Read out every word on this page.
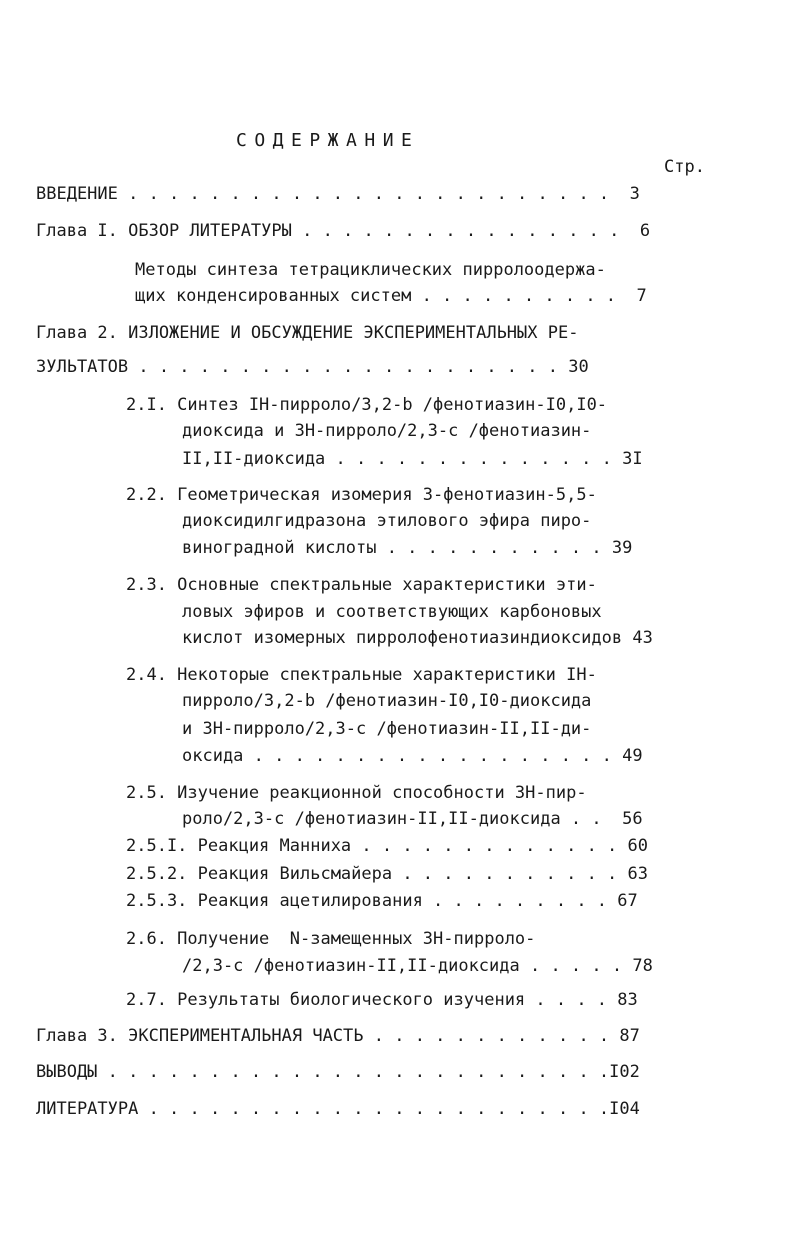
СОДЕРЖАНИЕ
Стр.
ВВЕДЕНИЕ . . . . . . . . . . . . . . . . . . . . . . . .  3
Глава I. ОБЗОР ЛИТЕРАТУРЫ . . . . . . . . . . . . . . . .  6
Методы синтеза тетрациклических пирролоодержа-
щих конденсированных систем . . . . . . . . . .  7
Глава 2. ИЗЛОЖЕНИЕ И ОБСУЖДЕНИЕ ЭКСПЕРИМЕНТАЛЬНЫХ РЕ-
ЗУЛЬТАТОВ . . . . . . . . . . . . . . . . . . . . . 30
2.I. Синтез IН-пирроло/3,2-b /фенотиазин-I0,I0-
диоксида и 3Н-пирроло/2,3-с /фенотиазин-
II,II-диоксида . . . . . . . . . . . . . . 3I
2.2. Геометрическая изомерия 3-фенотиазин-5,5-
диоксидилгидразона этилового эфира пиро-
виноградной кислоты . . . . . . . . . . . 39
2.3. Основные спектральные характеристики эти-
ловых эфиров и соответствующих карбоновых
кислот изомерных пирролофенотиазиндиоксидов 43
2.4. Некоторые спектральные характеристики IН-
пирроло/3,2-b /фенотиазин-I0,I0-диоксида
и 3Н-пирроло/2,3-с /фенотиазин-II,II-ди-
оксида . . . . . . . . . . . . . . . . . . 49
2.5. Изучение реакционной способности 3Н-пир-
роло/2,3-с /фенотиазин-II,II-диоксида . .  56
2.5.I. Реакция Манниха . . . . . . . . . . . . . 60
2.5.2. Реакция Вильсмайера . . . . . . . . . . . 63
2.5.3. Реакция ацетилирования . . . . . . . . . 67
2.6. Получение  N-замещенных 3Н-пирроло-
/2,3-с /фенотиазин-II,II-диоксида . . . . . 78
2.7. Результаты биологического изучения . . . . 83
Глава 3. ЭКСПЕРИМЕНТАЛЬНАЯ ЧАСТЬ . . . . . . . . . . . . 87
ВЫВОДЫ . . . . . . . . . . . . . . . . . . . . . . . . .I02
ЛИТЕРАТУРА . . . . . . . . . . . . . . . . . . . . . . .I04
